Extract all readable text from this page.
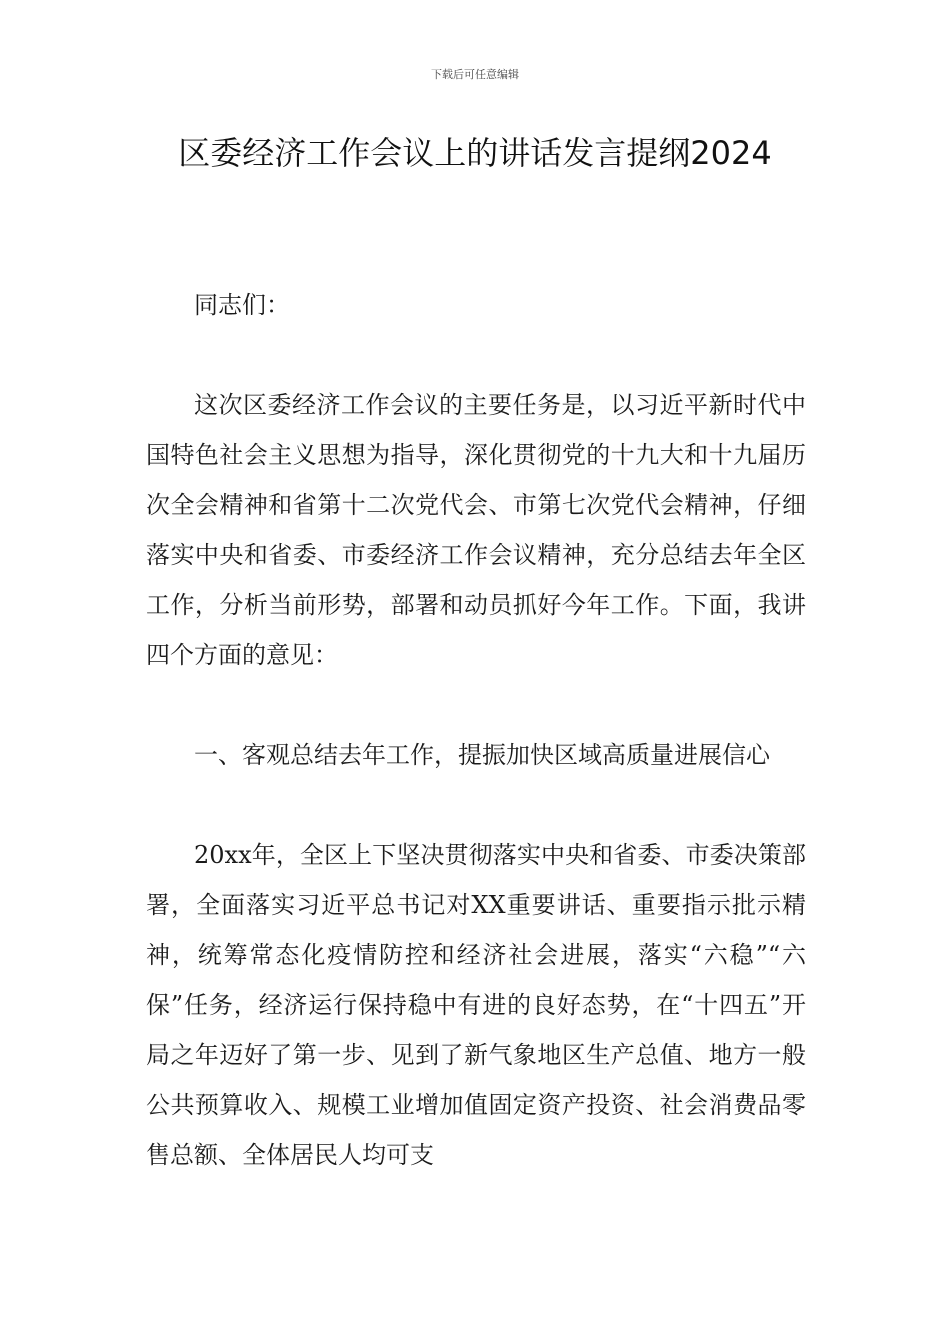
下载后可任意编辑
区委经济工作会议上的讲话发言提纲2024

同志们：

这次区委经济工作会议的主要任务是，以习近平新时代中国特色社会主义思想为指导，深化贯彻党的十九大和十九届历次全会精神和省第十二次党代会、市第七次党代会精神，仔细落实中央和省委、市委经济工作会议精神，充分总结去年全区工作，分析当前形势，部署和动员抓好今年工作。下面，我讲四个方面的意见：

一、客观总结去年工作，提振加快区域高质量进展信心

20xx年，全区上下坚决贯彻落实中央和省委、市委决策部署，全面落实习近平总书记对XX重要讲话、重要指示批示精神，统筹常态化疫情防控和经济社会进展，落实“六稳”“六保”任务，经济运行保持稳中有进的良好态势，在“十四五”开局之年迈好了第一步、见到了新气象地区生产总值、地方一般公共预算收入、规模工业增加值固定资产投资、社会消费品零售总额、全体居民人均可支
